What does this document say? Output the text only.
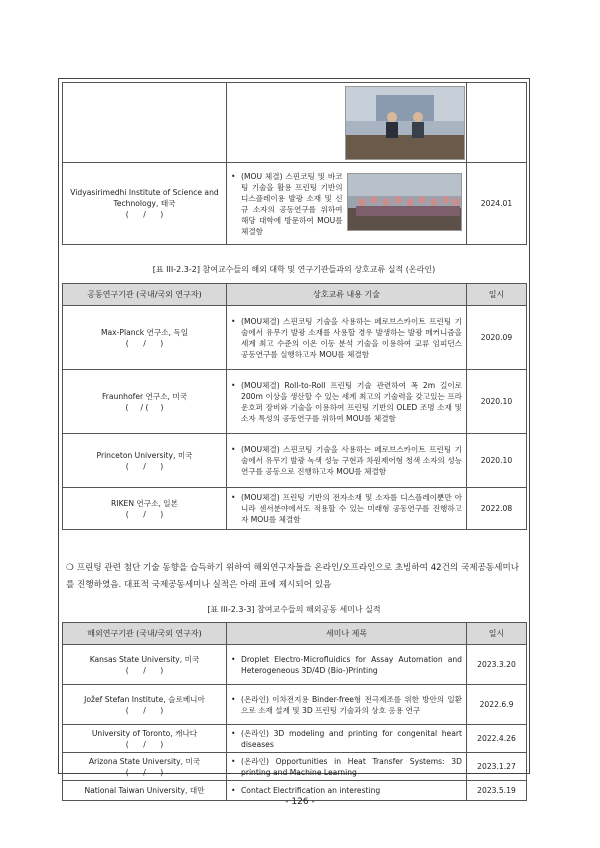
Vidyasirimedhi Institute of Science and Technology, 태국
(      /      )	• (MOU 체결) 스핀코팅 및 바코팅 기술을 활용 프린팅 기반의 디스플레이용 발광 소재 및 신규 소자의 공동연구를 위하여 해당 대학에 방문하여 MOU를 체결함	2024.01
[표 III-2.3-2] 참여교수들의 해외 대학 및 연구기관들과의 상호교류 실적 (온라인)
공동연구기관 (국내/국외 연구자)	상호교류 내용 기술	일시
Max-Planck 연구소, 독일
(      /      )	• (MOU체결) 스핀코팅 기술을 사용하는 페로브스카이트 프린팅 기술에서 유무기 발광 소재를 사용할 경우 발생하는 발광 메커니즘을 세계 최고 수준의 이온 이동 분석 기술을 이용하여 교류 임피던스 공동연구를 실행하고자 MOU를 체결함	2020.09
Fraunhofer 연구소, 미국
(     / (     )	• (MOU체결) Roll-to-Roll 프린팅 기술 관련하여 폭 2m 길이로 200m 이상을 생산할 수 있는 세계 최고의 기술력을 갖고있는 프라운호퍼 장비와 기술을 이용하여 프린팅 기반의 OLED 조명 소재 및 소자 특성의 공동연구를 위하여 MOU를 체결함	2020.10
Princeton University, 미국
(      /      )	• (MOU체결) 스핀코팅 기술을 사용하는 페로브스카이트 프린팅 기술에서 유무기 발광 녹색 성능 구현과 차원제어형 청색 소자의 성능 연구를 공동으로 진행하고자 MOU를 체결함	2020.10
RIKEN 연구소, 일본
(      /      )	• (MOU체결) 프린팅 기반의 전자소재 및 소자를 디스플레이뿐만 아니라 센서분야에서도 적용할 수 있는 미래형 공동연구를 진행하고자 MOU를 체결함	2022.08
❍ 프린팅 관련 첨단 기술 동향을 습득하기 위하여 해외연구자들을 온라인/오프라인으로 초빙하여 42건의 국제공동세미나를 진행하였음. 대표적 국제공동세미나 실적은 아래 표에 제시되어 있음
[표 III-2.3-3] 참여교수들의 해외공동 세미나 실적
해외연구기관 (국내/국외 연구자)	세미나 제목	일시
Kansas State University, 미국
(      /      )	• Droplet Electro-Microfluidics for Assay Automation and Heterogeneous 3D/4D (Bio-)Printing	2023.3.20
Jožef Stefan Institute, 슬로베니아
(      /      )	• (온라인) 이차전지용 Binder-free형 전극제조를 위한 방안의 일환으로 소재 설계 및 3D 프린팅 기술과의 상호 응용 연구	2022.6.9
University of Toronto, 캐나다
(      /      )	• (온라인) 3D modeling and printing for congenital heart diseases	2022.4.26
Arizona State University, 미국
(      /      )	• (온라인) Opportunities in Heat Transfer Systems: 3D printing and Machine Learning	2023.1.27
National Taiwan University, 대만	• Contact Electrification an interesting	2023.5.19
- 126 -
